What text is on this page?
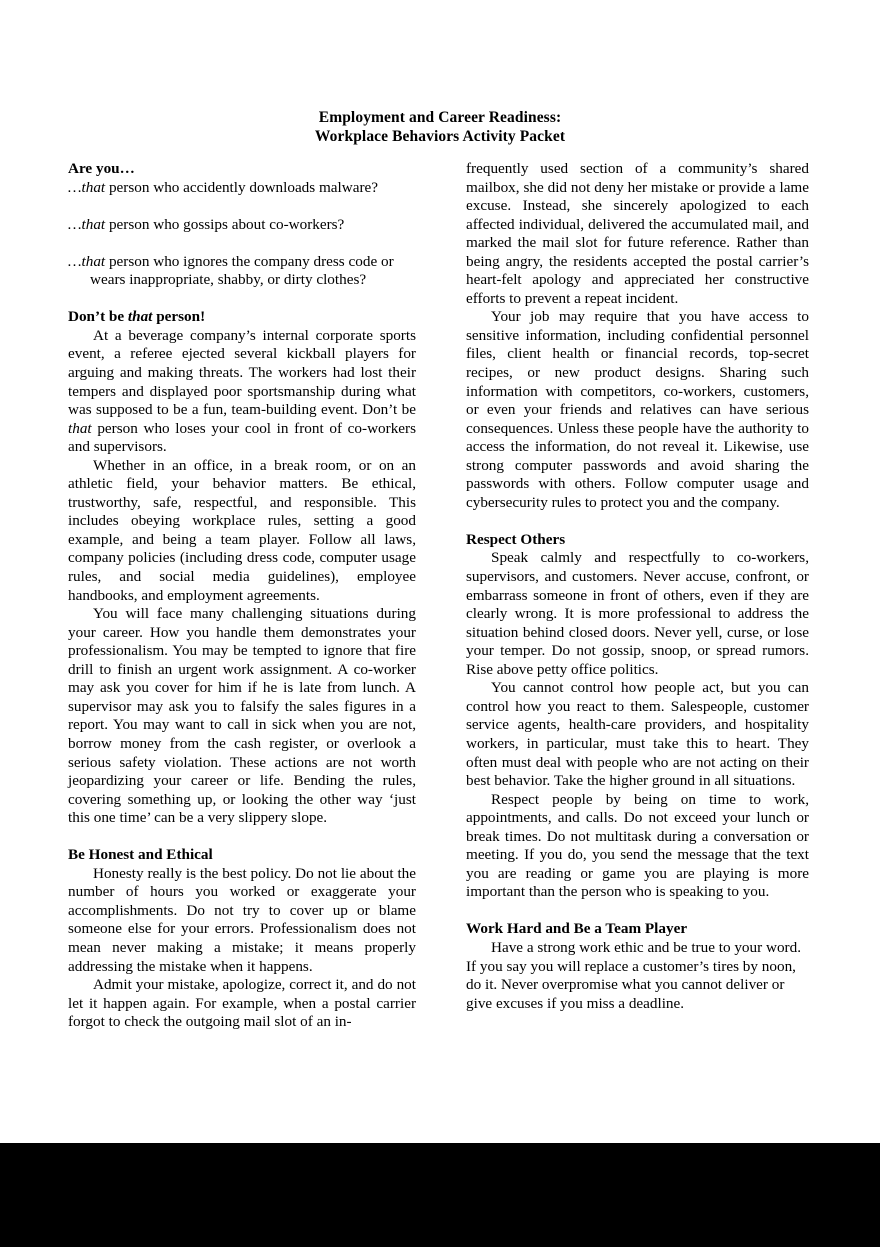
Employment and Career Readiness:
Workplace Behaviors Activity Packet
Are you…

…that person who accidently downloads malware?

…that person who gossips about co-workers?

…that person who ignores the company dress code or wears inappropriate, shabby, or dirty clothes?

Don’t be that person!

At a beverage company’s internal corporate sports event, a referee ejected several kickball players for arguing and making threats. The workers had lost their tempers and displayed poor sportsmanship during what was supposed to be a fun, team-building event. Don’t be that person who loses your cool in front of co-workers and supervisors.

Whether in an office, in a break room, or on an athletic field, your behavior matters. Be ethical, trustworthy, safe, respectful, and responsible. This includes obeying workplace rules, setting a good example, and being a team player. Follow all laws, company policies (including dress code, computer usage rules, and social media guidelines), employee handbooks, and employment agreements.

You will face many challenging situations during your career. How you handle them demonstrates your professionalism. You may be tempted to ignore that fire drill to finish an urgent work assignment. A co-worker may ask you cover for him if he is late from lunch. A supervisor may ask you to falsify the sales figures in a report. You may want to call in sick when you are not, borrow money from the cash register, or overlook a serious safety violation. These actions are not worth jeopardizing your career or life. Bending the rules, covering something up, or looking the other way ‘just this one time’ can be a very slippery slope.

Be Honest and Ethical

Honesty really is the best policy. Do not lie about the number of hours you worked or exaggerate your accomplishments. Do not try to cover up or blame someone else for your errors. Professionalism does not mean never making a mistake; it means properly addressing the mistake when it happens.

Admit your mistake, apologize, correct it, and do not let it happen again. For example, when a postal carrier forgot to check the outgoing mail slot of an in-

frequently used section of a community’s shared mailbox, she did not deny her mistake or provide a lame excuse. Instead, she sincerely apologized to each affected individual, delivered the accumulated mail, and marked the mail slot for future reference. Rather than being angry, the residents accepted the postal carrier’s heart-felt apology and appreciated her constructive efforts to prevent a repeat incident.

Your job may require that you have access to sensitive information, including confidential personnel files, client health or financial records, top-secret recipes, or new product designs. Sharing such information with competitors, co-workers, customers, or even your friends and relatives can have serious consequences. Unless these people have the authority to access the information, do not reveal it. Likewise, use strong computer passwords and avoid sharing the passwords with others. Follow computer usage and cybersecurity rules to protect you and the company.

Respect Others

Speak calmly and respectfully to co-workers, supervisors, and customers. Never accuse, confront, or embarrass someone in front of others, even if they are clearly wrong. It is more professional to address the situation behind closed doors. Never yell, curse, or lose your temper. Do not gossip, snoop, or spread rumors. Rise above petty office politics.

You cannot control how people act, but you can control how you react to them. Salespeople, customer service agents, health-care providers, and hospitality workers, in particular, must take this to heart. They often must deal with people who are not acting on their best behavior. Take the higher ground in all situations.

Respect people by being on time to work, appointments, and calls. Do not exceed your lunch or break times. Do not multitask during a conversation or meeting. If you do, you send the message that the text you are reading or game you are playing is more important than the person who is speaking to you.

Work Hard and Be a Team Player

Have a strong work ethic and be true to your word. If you say you will replace a customer’s tires by noon, do it. Never overpromise what you cannot deliver or give excuses if you miss a deadline.
